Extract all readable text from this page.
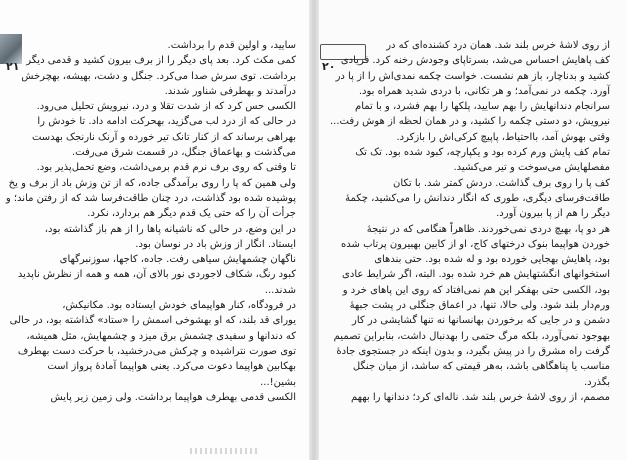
۲۱
سایید، و اولین قدم را برداشت.
کمی مکث کرد. بعد پای دیگر را از برف بیرون کشید و قدمی دیگر
برداشت. توی سرش صدا می‌کرد. جنگل و دشت، بهیشه، بهچرخش
درآمدند و بهطرفی شناور شدند.
الکسی حس کرد که از شدت تقلا و درد، نیرویش تحلیل می‌رود.
در حالی که از درد لب می‌گزید، بهحرکت ادامه داد. تا خودش را
بهراهی برساند که از کنار تانک تیر خورده و آرنک نارنجک بهدست
می‌گذشت و بهاعماق جنگل، در قسمت شرق می‌رفت.
تا وقتی که روی برف نرم قدم برمی‌داشت، وضع تحمل‌پذیر بود.
ولی همین که پا را روی برآمدگی جاده، که از تن وزش باد از برف و یخ
پوشیده شده بود گذاشت، درد چنان طاقت‌فرسا شد که از رفتن ماند؛ و
جرأت آن را که حتی یک قدم دیگر هم بردارد، نکرد.
در این وضع، در حالی که ناشیانه پاها را از هم باز گذاشته بود،
ایستاد. انگار از وزش باد در نوسان بود.
ناگهان چشمهایش سیاهی رفت. جاده، کاجها، سوزنبرگهای
کبود رنگ، شکاف لاجوردی نور بالای آن، همه و همه از نظرش ناپدید
شدند...
در فرودگاه، کنار هواپیمای خودش ایستاده بود. مکانیکش،
یورای قد بلند، که او بهشوخی اسمش را «ستاد» گذاشته بود، در حالی
که دندانها و سفیدی چشمش برق میزد و چشمهایش، مثل همیشه،
توی صورت نتراشیده و چرکش می‌درخشید، با حرکت دست بهطرف
بهکابین هواپیما دعوت می‌کرد. یعنی هواپیما آمادهٔ پرواز است
بشین!...
الکسی قدمی بهطرف هواپیما برداشت. ولی زمین زیر پایش
۲۰
از روی لاشهٔ خرس بلند شد. همان درد کشنده‌ای که در
کف پاهایش احساس می‌شد، بسرتاپای وجودش رخنه کرد. فریادی
کشید و بدناچار، باز هم نشست. خواست چکمه نمدی‌اش را از پا در
آورد. چکمه در نمی‌آمد؛ و هر تکانی، با دردی شدید همراه بود.
سرانجام دندانهایش را بهم سایید، پلکها را بهم فشرد، و با تمام
نیرویش، دو دستی چکمه را کشید، و در همان لحظه از هوش رفت...
وقتی بهوش آمد، بااحتیاط، پاپیچ کرکی‌اش را بازکرد.
تمام کف پایش ورم کرده بود و یکپارچه، کبود شده بود. تک تک
مفصلهایش می‌سوخت و تیر می‌کشید.
کف پا را روی برف گذاشت. دردش کمتر شد. با تکان
طاقت‌فرسای دیگری، طوری که انگار دندانش را می‌کشید، چکمهٔ
دیگر را هم از پا بیرون آورد.
هر دو پا، بهیچ دردی نمی‌خوردند. ظاهراً هنگامی که در نتیجهٔ
خوردن هواپیما بنوک درختهای کاج، او از کابین بهبیرون پرتاب شده
بود، پاهایش بهجایی خورده بود و له شده بود. حتی بندهای
استخوانهای انگشتهایش هم خرد شده بود. البته، اگر شرایط عادی
بود، الکسی حتی بهفکر این هم نمی‌افتاد که روی این پاهای خرد و
ورم‌دار بلند شود. ولی حالا، تنها، در اعماق جنگلی در پشت جبههٔ
دشمن و در جایی که برخوردن بهانسانها نه تنها گشایشی در کار
بهوجود نمی‌آورد، بلکه مرگ حتمی را بهدنبال داشت، بنابراین تصمیم
گرفت راه مشرق را در پیش بگیرد، و بدون اینکه در جستجوی جادهٔ
مناسب یا پناهگاهی باشد، به‌هر قیمتی که ساشد، از میان جنگل
بگذرد.
مصمم، از روی لاشهٔ خرس بلند شد. ناله‌ای کرد؛ دندانها را بههم
